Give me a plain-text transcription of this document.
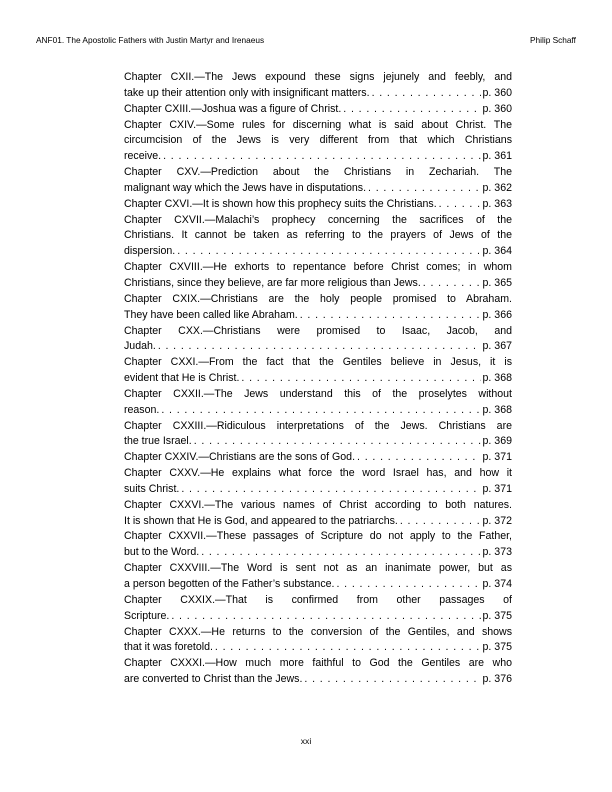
ANF01. The Apostolic Fathers with Justin Martyr and Irenaeus	Philip Schaff
Chapter CXII.—The Jews expound these signs jejunely and feebly, and
take up their attention only with insignificant matters. . . .	p. 360
Chapter CXIII.—Joshua was a figure of Christ. . . .	p. 360
Chapter CXIV.—Some rules for discerning what is said about Christ. The
circumcision of the Jews is very different from that which Christians
receive. . . .	p. 361
Chapter CXV.—Prediction about the Christians in Zechariah. The
malignant way which the Jews have in disputations. . . .	p. 362
Chapter CXVI.—It is shown how this prophecy suits the Christians. . . .	p. 363
Chapter CXVII.—Malachi’s prophecy concerning the sacrifices of the
Christians. It cannot be taken as referring to the prayers of Jews of the
dispersion. . . .	p. 364
Chapter CXVIII.—He exhorts to repentance before Christ comes; in whom
Christians, since they believe, are far more religious than Jews. . . .	p. 365
Chapter CXIX.—Christians are the holy people promised to Abraham.
They have been called like Abraham. . . .	p. 366
Chapter CXX.—Christians were promised to Isaac, Jacob, and
Judah. . . .	p. 367
Chapter CXXI.—From the fact that the Gentiles believe in Jesus, it is
evident that He is Christ. . . .	p. 368
Chapter CXXII.—The Jews understand this of the proselytes without
reason. . . .	p. 368
Chapter CXXIII.—Ridiculous interpretations of the Jews. Christians are
the true Israel. . . .	p. 369
Chapter CXXIV.—Christians are the sons of God. . . .	p. 371
Chapter CXXV.—He explains what force the word Israel has, and how it
suits Christ. . . .	p. 371
Chapter CXXVI.—The various names of Christ according to both natures.
It is shown that He is God, and appeared to the patriarchs. . . .	p. 372
Chapter CXXVII.—These passages of Scripture do not apply to the Father,
but to the Word. . . .	p. 373
Chapter CXXVIII.—The Word is sent not as an inanimate power, but as
a person begotten of the Father’s substance. . . .	p. 374
Chapter CXXIX.—That is confirmed from other passages of
Scripture. . . .	p. 375
Chapter CXXX.—He returns to the conversion of the Gentiles, and shows
that it was foretold. . . .	p. 375
Chapter CXXXI.—How much more faithful to God the Gentiles are who
are converted to Christ than the Jews. . . .	p. 376
xxi
